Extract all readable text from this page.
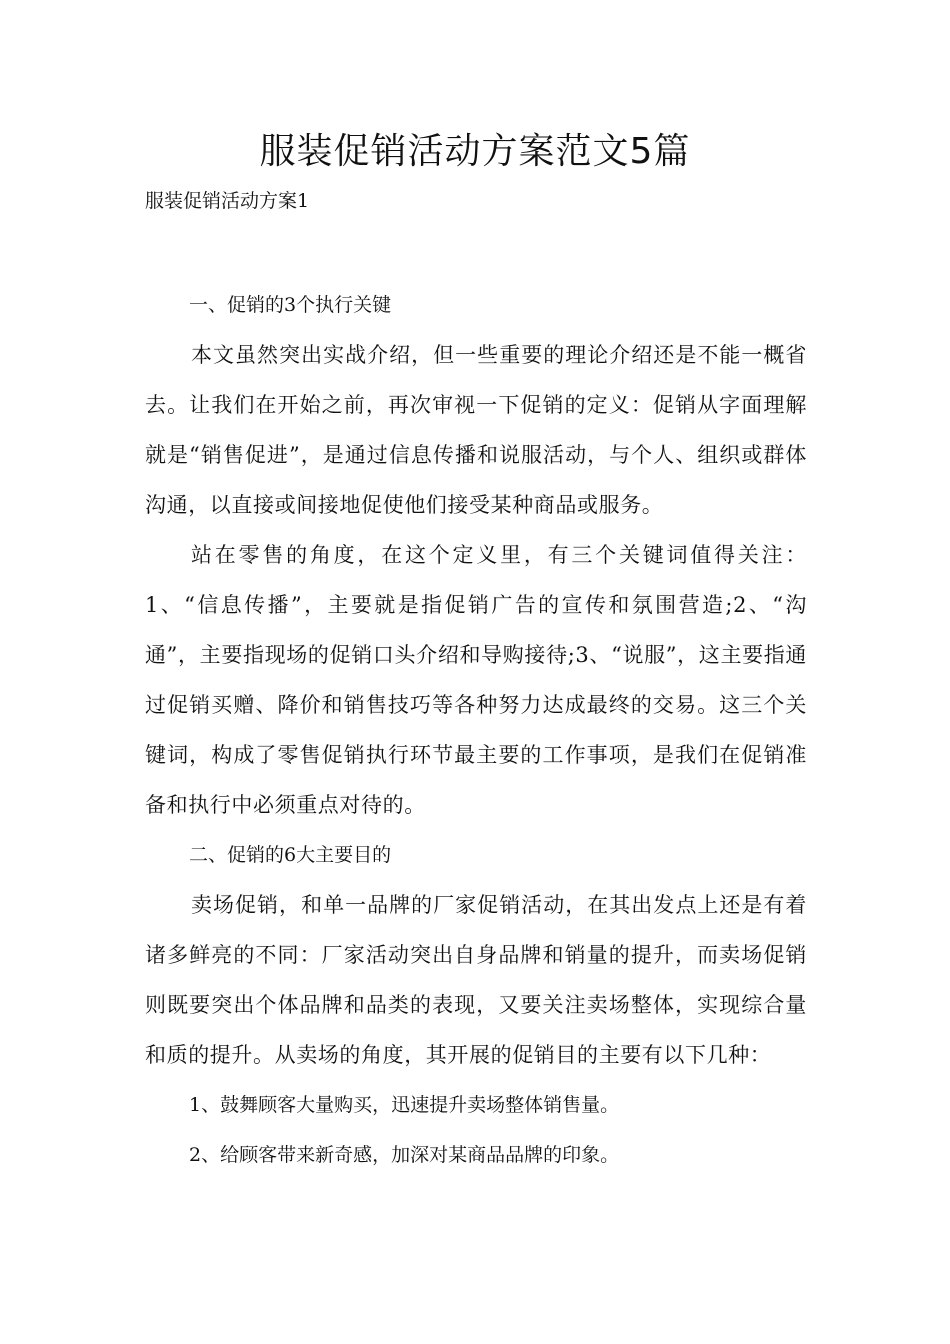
服装促销活动方案范文5篇

服装促销活动方案1

一、促销的3个执行关键

本文虽然突出实战介绍，但一些重要的理论介绍还是不能一概省去。让我们在开始之前，再次审视一下促销的定义：促销从字面理解就是“销售促进”，是通过信息传播和说服活动，与个人、组织或群体沟通，以直接或间接地促使他们接受某种商品或服务。

站在零售的角度，在这个定义里，有三个关键词值得关注：1、“信息传播”，主要就是指促销广告的宣传和氛围营造;2、“沟通”，主要指现场的促销口头介绍和导购接待;3、“说服”，这主要指通过促销买赠、降价和销售技巧等各种努力达成最终的交易。这三个关键词，构成了零售促销执行环节最主要的工作事项，是我们在促销准备和执行中必须重点对待的。

二、促销的6大主要目的

卖场促销，和单一品牌的厂家促销活动，在其出发点上还是有着诸多鲜亮的不同：厂家活动突出自身品牌和销量的提升，而卖场促销则既要突出个体品牌和品类的表现，又要关注卖场整体，实现综合量和质的提升。从卖场的角度，其开展的促销目的主要有以下几种：

1、鼓舞顾客大量购买，迅速提升卖场整体销售量。

2、给顾客带来新奇感，加深对某商品品牌的印象。
